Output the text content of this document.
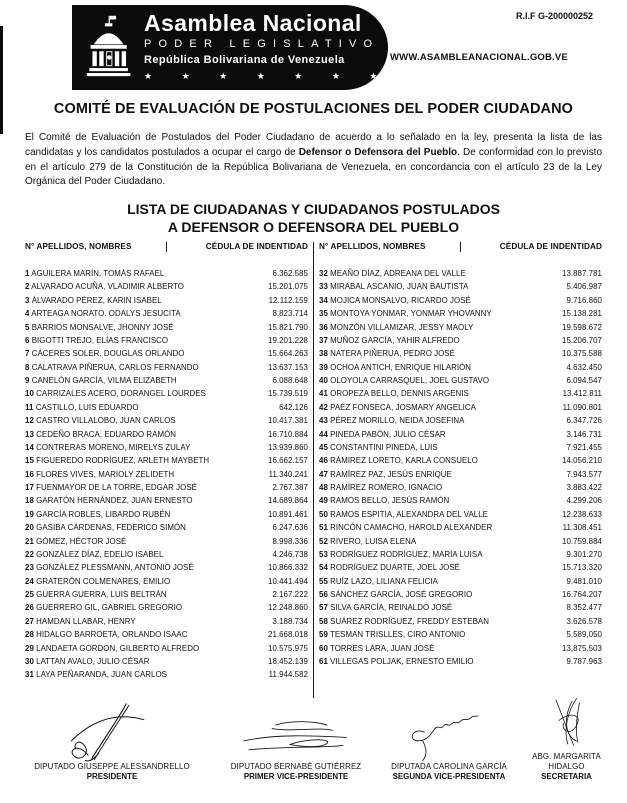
Asamblea Nacional
PODER LEGISLATIVO
República Bolivariana de Venezuela
★ ★ ★ ★ ★ ★ ★ ★
R.I.F G-200000252
WWW.ASAMBLEANACIONAL.GOB.VE
COMITÉ DE EVALUACIÓN DE POSTULACIONES DEL PODER CIUDADANO

El Comité de Evaluación de Postulados del Poder Ciudadano de acuerdo a lo señalado en la ley, presenta la lista de las candidatas y los candidatos postulados a ocupar el cargo de Defensor o Defensora del Pueblo. De conformidad con lo previsto en el artículo 279 de la Constitución de la República Bolivariana de Venezuela, en concordancia con el artículo 23 de la Ley Orgánica del Poder Ciudadano.

LISTA DE CIUDADANAS Y CIUDADANOS POSTULADOS
A DEFENSOR O DEFENSORA DEL PUEBLO
N° APELLIDOS, NOMBRES	CÉDULA DE INDENTIDAD
1 AGUILERA MARÍN, TOMÁS RAFAEL	6.362.585
2 ALVARADO ACUÑA, VLADIMIR ALBERTO	15.201.075
3 ÁLVARADO PÉREZ, KARIN ISABEL	12.112.159
4 ARTEAGA NORATO. ODALYS JESUCITA	8.823.714
5 BARRIOS MONSALVE, JHONNY JOSÉ	15.821.790
6 BIGOTTI TREJO, ELÍAS FRANCISCO	19.201.228
7 CÁCERES SOLER, DOUGLAS ORLANDO	15.664.263
8 CALATRAVA PIÑERUA, CARLOS FERNANDO	13.637.153
9 CANELÓN GARCÍA, VILMA ELIZABETH	6.088.648
10 CARRIZALES ACERO, DORANGEL LOURDES	15.739.519
11 CASTILLO, LUIS EDUARDO	642.126
12 CASTRO VILLALOBO, JUAN CARLOS	10.417.381
13 CEDEÑO BRACA, EDUARDO RAMÓN	16.710.884
14 CONTRERAS MORENO, MIRELYS ZULAY	13.939.860
15 FIGUEREDO RODRÍGUEZ, ARLETH MAYBETH	16.662.157
16 FLORES VIVES, MARIOLY ZELIDETH	11.340.241
17 FUENMAYOR DE LA TORRE, EDGAR JOSÉ	2.767.387
18 GARATÓN HERNÁNDEZ, JUAN ERNESTO	14.689.864
19 GARCÍA ROBLES, LIBARDO RUBÉN	10.891.461
20 GASIBA CÁRDENAS, FEDERICO SIMÓN	6.247.636
21 GÓMEZ, HÉCTOR JOSÉ	8.998.336
22 GONZÁLEZ DÍAZ, EDELIO ISABEL	4.246.738
23 GONZÁLEZ PLESSMANN, ANTONIO JOSÉ	10.866.332
24 GRATERÓN COLMENARES, EMILIO	10.441.494
25 GUERRA GUERRA, LUIS BELTRÁN	2.167.222
26 GUERRERO GIL, GABRIEL GREGORIO	12.248.860
27 HAMDAN LLABAR, HENRY	3.188.734
28 HIDALGO BARROETA, ORLANDO ISAAC	21.668.018
29 LANDAETA GORDON, GILBERTO ALFREDO	10.575.975
30 LATTAN AVALO, JULIO CÉSAR	18.452.139
31 LAYA PEÑARANDA, JUAN CARLOS	11.944.582
N° APELLIDOS, NOMBRES	CÉDULA DE INDENTIDAD
32 MEAÑO DÍAZ, ADREANA DEL VALLE	13.887.781
33 MIRABAL ASCANIO, JUAN BAUTISTA	5.406.987
34 MOJICA MONSALVO, RICARDO JOSÉ	9.716.860
35 MONTOYA YONMAR, YONMAR YHOVANNY	15.138.281
36 MONZÓN VILLAMIZAR, JESSY MAOLY	19.598.672
37 MUÑOZ GARCÍA, YAHIR ALFREDO	15.206.707
38 NATERA PIÑERUA, PEDRO JOSÉ	10.375.588
39 OCHOA ANTICH, ENRIQUE HILARIÓN	4.632.450
40 OLOYOLA CARRASQUEL, JOEL GUSTAVO	6.094.547
41 OROPEZA BELLO, DENNIS ARGENIS	13.412.811
42 PAÉZ FONSECA, JOSMARY ANGELICA	11.090.801
43 PÉREZ MORILLO, NEIDA JOSEFINA	6.347.726
44 PINEDA PABÓN, JULIO CÉSAR	3.146.731
45 CONSTANTINI PINEDA, LUIS	7.921.455
46 RÁMIREZ LORETO, KARLA CONSUELO	14.056.210
47 RAMÍREZ PAZ, JESÚS ENRIQUE	7.943.577
48 RAMÍREZ ROMERO, IGNACIO	3.883.422
49 RAMOS BELLO, JESÚS RAMÓN	4.299.206
50 RAMOS ESPITIA, ALEXANDRA DEL VALLE	12.238.633
51 RINCÓN CAMACHO, HAROLD ALEXANDER	11.308.451
52 RIVERO, LUISA ELENA	10.759.884
53 RODRÍGUEZ RODRÍGUEZ, MARÍA LUISA	9.301.270
54 RODRÍGUEZ DUARTE, JOEL JOSÉ	15.713.320
55 RUÍZ LAZO, LILIANA FELICIA	9.481.010
56 SÁNCHEZ GARCÍA, JOSÉ GREGORIO	16.764.207
57 SILVA GARCÍA, REINALDO JOSÉ	8.352.477
58 SUÁREZ RODRÍGUEZ, FREDDY ESTEBAN	3.626.578
59 TESMAN TRISLLES, CIRO ANTONIO	5.589,050
60 TORRES LARA, JUAN JOSÉ	13,875.503
61 VILLEGAS POLJAK, ERNESTO EMILIO	9.787.963
DIPUTADO GIUSEPPE ALESSANDRELLO
PRESIDENTE
DIPUTADO BERNABÉ GUTIÉRREZ
PRIMER VICE-PRESIDENTE
DIPUTADA CAROLINA GARCÍA
SEGUNDA VICE-PRESIDENTA
ABG. MARGARITA HIDALGO
SECRETARIA
